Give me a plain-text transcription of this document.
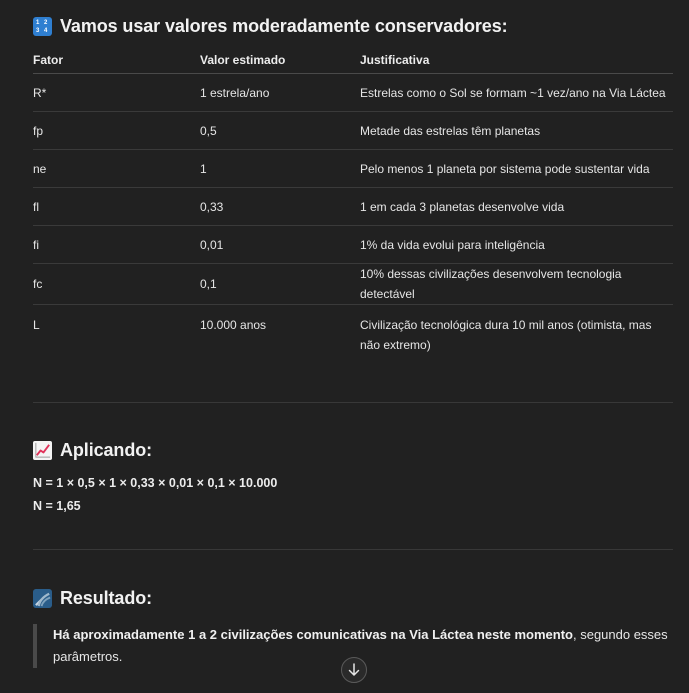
1 2
3 4 Vamos usar valores moderadamente conservadores:
Fator	Valor estimado	Justificativa
R*	1 estrela/ano	Estrelas como o Sol se formam ~1 vez/ano na Via Láctea
fp	0,5	Metade das estrelas têm planetas
ne	1	Pelo menos 1 planeta por sistema pode sustentar vida
fl	0,33	1 em cada 3 planetas desenvolve vida
fi	0,01	1% da vida evolui para inteligência
fc	0,1	10% dessas civilizações desenvolvem tecnologia detectável
L	10.000 anos	Civilização tecnológica dura 10 mil anos (otimista, mas não extremo)
Aplicando:
N = 1 × 0,5 × 1 × 0,33 × 0,01 × 0,1 × 10.000
N = 1,65
Resultado:
Há aproximadamente 1 a 2 civilizações comunicativas na Via Láctea neste momento, segundo esses parâmetros.
